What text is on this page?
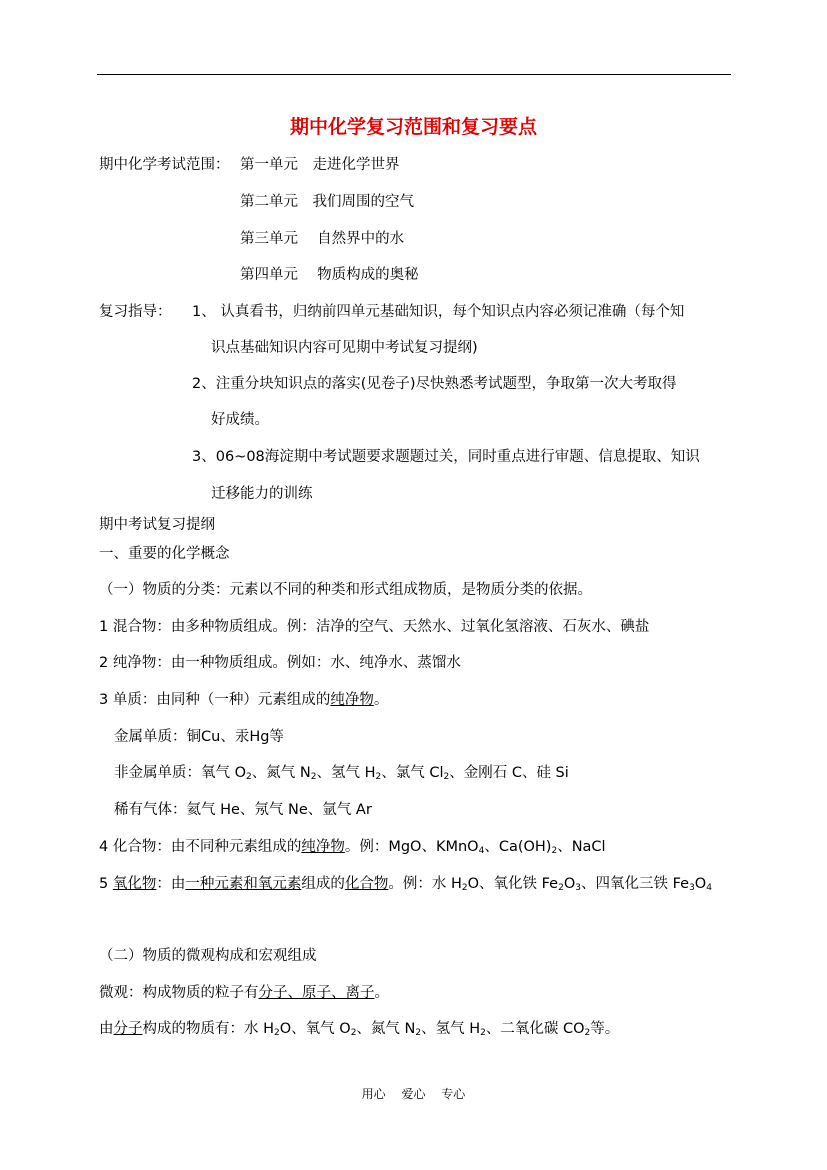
期中化学复习范围和复习要点
期中化学考试范围： 第一单元　走进化学世界
第二单元　我们周围的空气
第三单元　 自然界中的水
第四单元　 物质构成的奥秘
复习指导： 1、 认真看书，归纳前四单元基础知识，每个知识点内容必须记准确（每个知
识点基础知识内容可见期中考试复习提纲)
2、注重分块知识点的落实(见卷子)尽快熟悉考试题型，争取第一次大考取得
好成绩。
3、06~08海淀期中考试题要求题题过关，同时重点进行审题、信息提取、知识
迁移能力的训练
期中考试复习提纲
一、重要的化学概念
（一）物质的分类：元素以不同的种类和形式组成物质，是物质分类的依据。
1 混合物：由多种物质组成。例：洁净的空气、天然水、过氧化氢溶液、石灰水、碘盐
2 纯净物：由一种物质组成。例如：水、纯净水、蒸馏水
3 单质：由同种（一种）元素组成的纯净物。
金属单质：铜Cu、汞Hg等
非金属单质：氧气 $O_2$、氮气 $N_2$、氢气 $H_2$、氯气 $Cl_2$、金刚石 C、硅 Si
稀有气体：氦气 He、氖气 Ne、氩气 Ar
4 化合物：由不同种元素组成的纯净物。例：MgO、KMnO$_4$、$Ca(OH)_2$、NaCl
5 氧化物：由一种元素和氧元素组成的化合物。例：水 $H_2O$、氧化铁 $Fe_2O_3$、四氧化三铁 $Fe_3O_4$
（二）物质的微观构成和宏观组成
微观：构成物质的粒子有分子、原子、离子。
由分子构成的物质有：水 $H_2O$、氧气 $O_2$、氮气 $N_2$、氢气 $H_2$、二氧化碳 $CO_2$等。
用心　 爱心　 专心
